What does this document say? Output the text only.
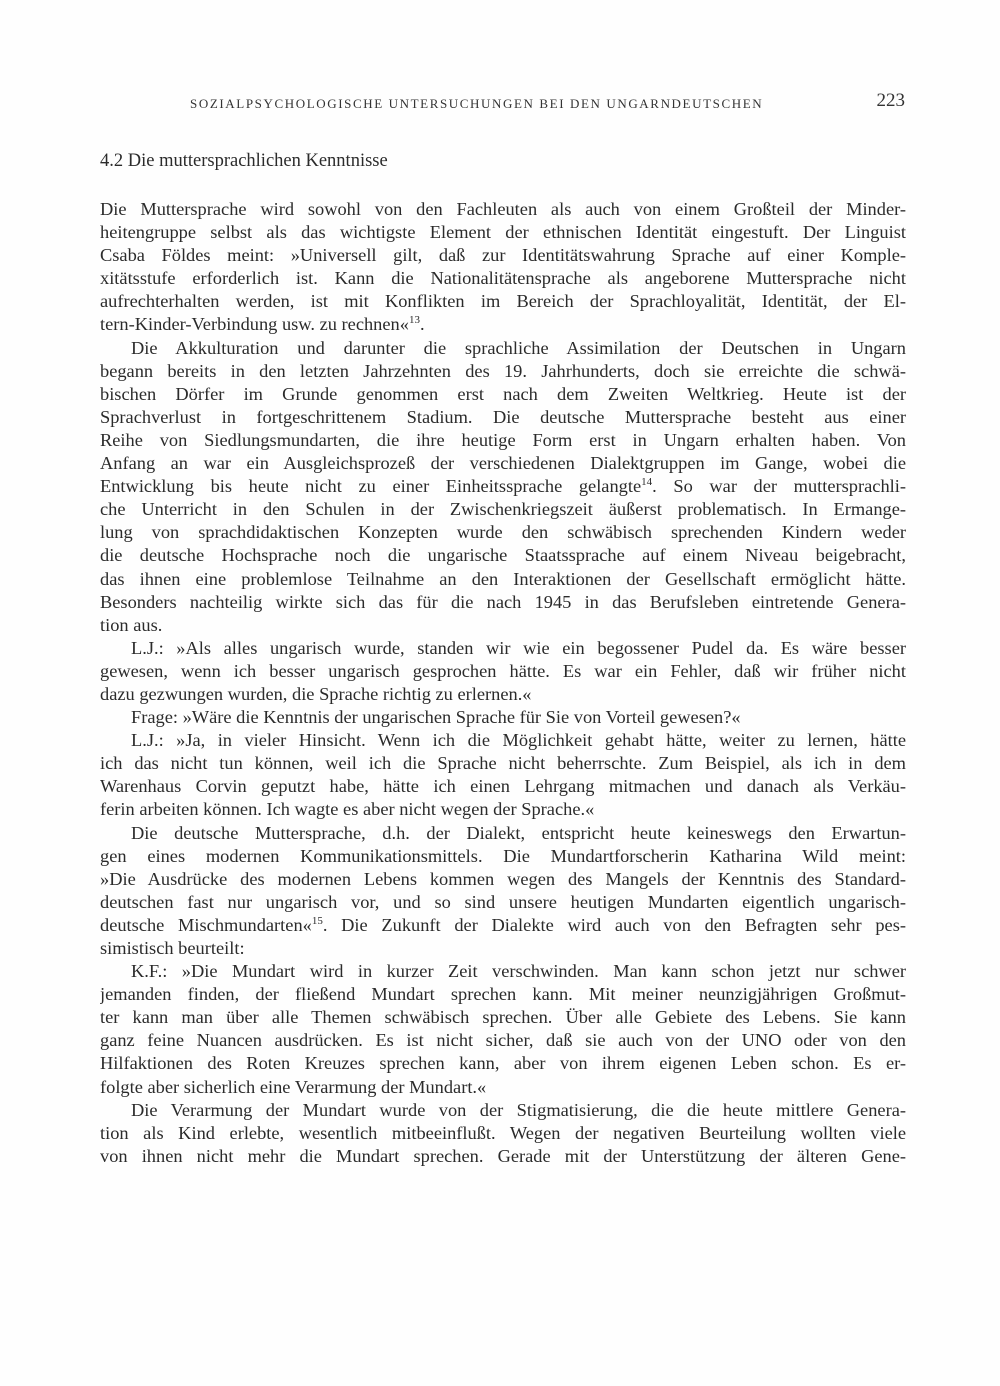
SOZIALPSYCHOLOGISCHE UNTERSUCHUNGEN BEI DEN UNGARNDEUTSCHEN	223
4.2 Die muttersprachlichen Kenntnisse
Die Muttersprache wird sowohl von den Fachleuten als auch von einem Großteil der Minder-
heitengruppe selbst als das wichtigste Element der ethnischen Identität eingestuft. Der Linguist
Csaba Földes meint: »Universell gilt, daß zur Identitätswahrung Sprache auf einer Komple-
xitätsstufe erforderlich ist. Kann die Nationalitätensprache als angeborene Muttersprache nicht
aufrechterhalten werden, ist mit Konflikten im Bereich der Sprachloyalität, Identität, der El-
tern-Kinder-Verbindung usw. zu rechnen«$^{13}$.
Die Akkulturation und darunter die sprachliche Assimilation der Deutschen in Ungarn
begann bereits in den letzten Jahrzehnten des 19. Jahrhunderts, doch sie erreichte die schwä-
bischen Dörfer im Grunde genommen erst nach dem Zweiten Weltkrieg. Heute ist der
Sprachverlust in fortgeschrittenem Stadium. Die deutsche Muttersprache besteht aus einer
Reihe von Siedlungsmundarten, die ihre heutige Form erst in Ungarn erhalten haben. Von
Anfang an war ein Ausgleichsprozeß der verschiedenen Dialektgruppen im Gange, wobei die
Entwicklung bis heute nicht zu einer Einheitssprache gelangte$^{14}$. So war der muttersprachli-
che Unterricht in den Schulen in der Zwischenkriegszeit äußerst problematisch. In Ermange-
lung von sprachdidaktischen Konzepten wurde den schwäbisch sprechenden Kindern weder
die deutsche Hochsprache noch die ungarische Staatssprache auf einem Niveau beigebracht,
das ihnen eine problemlose Teilnahme an den Interaktionen der Gesellschaft ermöglicht hätte.
Besonders nachteilig wirkte sich das für die nach 1945 in das Berufsleben eintretende Genera-
tion aus.
L.J.: »Als alles ungarisch wurde, standen wir wie ein begossener Pudel da. Es wäre besser
gewesen, wenn ich besser ungarisch gesprochen hätte. Es war ein Fehler, daß wir früher nicht
dazu gezwungen wurden, die Sprache richtig zu erlernen.«
Frage: »Wäre die Kenntnis der ungarischen Sprache für Sie von Vorteil gewesen?«
L.J.: »Ja, in vieler Hinsicht. Wenn ich die Möglichkeit gehabt hätte, weiter zu lernen, hätte
ich das nicht tun können, weil ich die Sprache nicht beherrschte. Zum Beispiel, als ich in dem
Warenhaus Corvin geputzt habe, hätte ich einen Lehrgang mitmachen und danach als Verkäu-
ferin arbeiten können. Ich wagte es aber nicht wegen der Sprache.«
Die deutsche Muttersprache, d.h. der Dialekt, entspricht heute keineswegs den Erwartun-
gen eines modernen Kommunikationsmittels. Die Mundartforscherin Katharina Wild meint:
»Die Ausdrücke des modernen Lebens kommen wegen des Mangels der Kenntnis des Standard-
deutschen fast nur ungarisch vor, und so sind unsere heutigen Mundarten eigentlich ungarisch-
deutsche Mischmundarten«$^{15}$. Die Zukunft der Dialekte wird auch von den Befragten sehr pes-
simistisch beurteilt:
K.F.: »Die Mundart wird in kurzer Zeit verschwinden. Man kann schon jetzt nur schwer
jemanden finden, der fließend Mundart sprechen kann. Mit meiner neunzigjährigen Großmut-
ter kann man über alle Themen schwäbisch sprechen. Über alle Gebiete des Lebens. Sie kann
ganz feine Nuancen ausdrücken. Es ist nicht sicher, daß sie auch von der UNO oder von den
Hilfaktionen des Roten Kreuzes sprechen kann, aber von ihrem eigenen Leben schon. Es er-
folgte aber sicherlich eine Verarmung der Mundart.«
Die Verarmung der Mundart wurde von der Stigmatisierung, die die heute mittlere Genera-
tion als Kind erlebte, wesentlich mitbeeinflußt. Wegen der negativen Beurteilung wollten viele
von ihnen nicht mehr die Mundart sprechen. Gerade mit der Unterstützung der älteren Gene-
